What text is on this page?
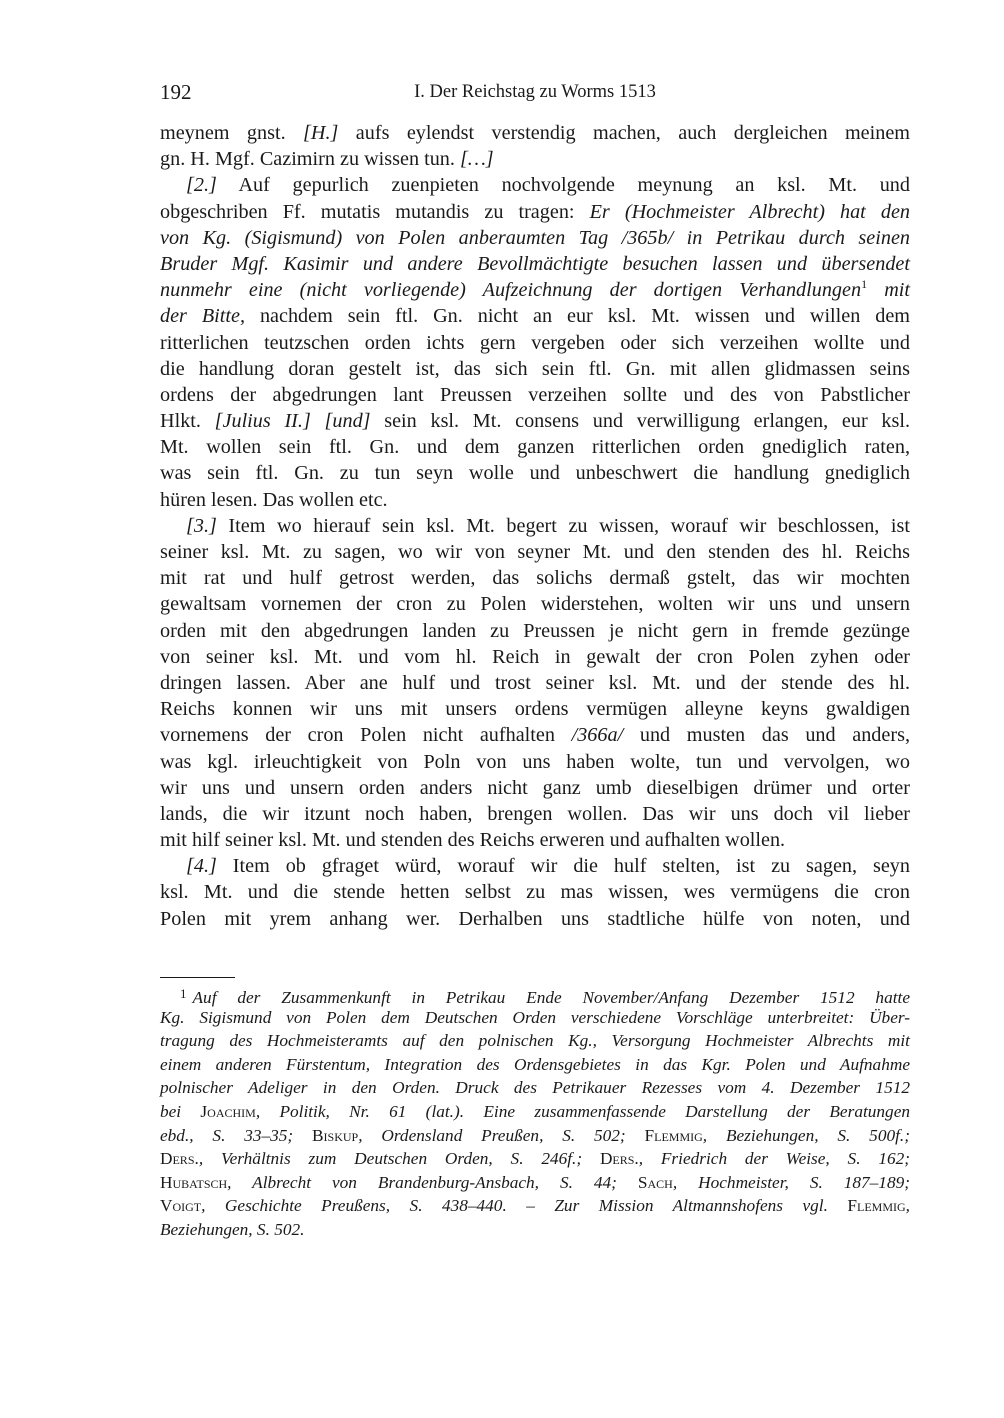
192	I. Der Reichstag zu Worms 1513
meynem gnst. [H.] aufs eylendst verstendig machen, auch dergleichen meinem
gn. H. Mgf. Cazimirn zu wissen tun. […]
[2.] Auf gepurlich zuenpieten nochvolgende meynung an ksl. Mt. und
obgeschriben Ff. mutatis mutandis zu tragen: Er (Hochmeister Albrecht) hat den
von Kg. (Sigismund) von Polen anberaumten Tag /365b/ in Petrikau durch seinen
Bruder Mgf. Kasimir und andere Bevollmächtigte besuchen lassen und übersendet
nunmehr eine (nicht vorliegende) Aufzeichnung der dortigen Verhandlungen$^1$ mit
der Bitte, nachdem sein ftl. Gn. nicht an eur ksl. Mt. wissen und willen dem
ritterlichen teutzschen orden ichts gern vergeben oder sich verzeihen wollte und
die handlung doran gestelt ist, das sich sein ftl. Gn. mit allen glidmassen seins
ordens der abgedrungen lant Preussen verzeihen sollte und des von Pabstlicher
Hlkt. [Julius II.] [und] sein ksl. Mt. consens und verwilligung erlangen, eur ksl.
Mt. wollen sein ftl. Gn. und dem ganzen ritterlichen orden gnediglich raten,
was sein ftl. Gn. zu tun seyn wolle und unbeschwert die handlung gnediglich
hüren lesen. Das wollen etc.
[3.] Item wo hierauf sein ksl. Mt. begert zu wissen, worauf wir beschlossen, ist
seiner ksl. Mt. zu sagen, wo wir von seyner Mt. und den stenden des hl. Reichs
mit rat und hulf getrost werden, das solichs dermaß gstelt, das wir mochten
gewaltsam vornemen der cron zu Polen widerstehen, wolten wir uns und unsern
orden mit den abgedrungen landen zu Preussen je nicht gern in fremde gezünge
von seiner ksl. Mt. und vom hl. Reich in gewalt der cron Polen zyhen oder
dringen lassen. Aber ane hulf und trost seiner ksl. Mt. und der stende des hl.
Reichs konnen wir uns mit unsers ordens vermügen alleyne keyns gwaldigen
vornemens der cron Polen nicht aufhalten /366a/ und musten das und anders,
was kgl. irleuchtigkeit von Poln von uns haben wolte, tun und vervolgen, wo
wir uns und unsern orden anders nicht ganz umb dieselbigen drümer und orter
lands, die wir itzunt noch haben, brengen wollen. Das wir uns doch vil lieber
mit hilf seiner ksl. Mt. und stenden des Reichs erweren und aufhalten wollen.
[4.] Item ob gfraget würd, worauf wir die hulf stelten, ist zu sagen, seyn
ksl. Mt. und die stende hetten selbst zu mas wissen, wes vermügens die cron
Polen mit yrem anhang wer. Derhalben uns stadtliche hülfe von noten, und
$^1$ Auf der Zusammenkunft in Petrikau Ende November/Anfang Dezember 1512 hatte
Kg. Sigismund von Polen dem Deutschen Orden verschiedene Vorschläge unterbreitet: Über-
tragung des Hochmeisteramts auf den polnischen Kg., Versorgung Hochmeister Albrechts mit
einem anderen Fürstentum, Integration des Ordensgebietes in das Kgr. Polen und Aufnahme
polnischer Adeliger in den Orden. Druck des Petrikauer Rezesses vom 4. Dezember 1512
bei Joachim, Politik, Nr. 61 (lat.). Eine zusammenfassende Darstellung der Beratungen
ebd., S. 33–35; Biskup, Ordensland Preußen, S. 502; Flemmig, Beziehungen, S. 500f.;
Ders., Verhältnis zum Deutschen Orden, S. 246f.; Ders., Friedrich der Weise, S. 162;
Hubatsch, Albrecht von Brandenburg-Ansbach, S. 44; Sach, Hochmeister, S. 187–189;
Voigt, Geschichte Preußens, S. 438–440. – Zur Mission Altmannshofens vgl. Flemmig,
Beziehungen, S. 502.
